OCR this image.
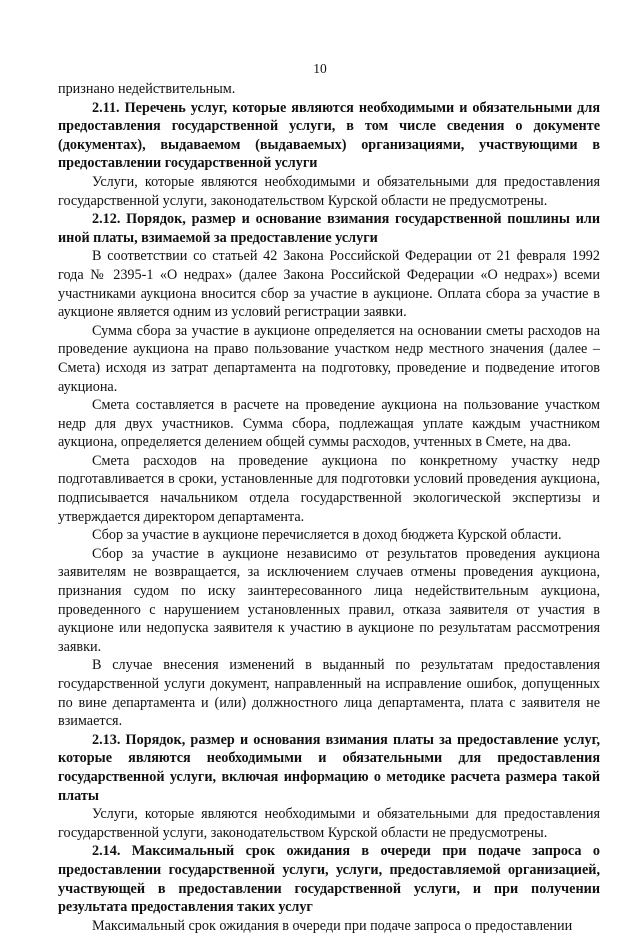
10

признано недействительным.

2.11. Перечень услуг, которые являются необходимыми и обязательными для предоставления государственной услуги, в том числе сведения о документе (документах), выдаваемом (выдаваемых) организациями, участвующими в предоставлении государственной услуги

Услуги, которые являются необходимыми и обязательными для предоставления государственной услуги, законодательством Курской области не предусмотрены.

2.12. Порядок, размер и основание взимания государственной пошлины или иной платы, взимаемой за предоставление услуги

В соответствии со статьей 42 Закона Российской Федерации от 21 февраля 1992 года № 2395-1 «О недрах» (далее Закона Российской Федерации «О недрах») всеми участниками аукциона вносится сбор за участие в аукционе. Оплата сбора за участие в аукционе является одним из условий регистрации заявки.

Сумма сбора за участие в аукционе определяется на основании сметы расходов на проведение аукциона на право пользование участком недр местного значения (далее – Смета) исходя из затрат департамента на подготовку, проведение и подведение итогов аукциона.

Смета составляется в расчете на проведение аукциона на пользование участком недр для двух участников. Сумма сбора, подлежащая уплате каждым участником аукциона, определяется делением общей суммы расходов, учтенных в Смете, на два.

Смета расходов на проведение аукциона по конкретному участку недр подготавливается в сроки, установленные для подготовки условий проведения аукциона, подписывается начальником отдела государственной экологической экспертизы и утверждается директором департамента.

Сбор за участие в аукционе перечисляется в доход бюджета Курской области.

Сбор за участие в аукционе независимо от результатов проведения аукциона заявителям не возвращается, за исключением случаев отмены проведения аукциона, признания судом по иску заинтересованного лица недействительным аукциона, проведенного с нарушением установленных правил, отказа заявителя от участия в аукционе или недопуска заявителя к участию в аукционе по результатам рассмотрения заявки.

В случае внесения изменений в выданный по результатам предоставления государственной услуги документ, направленный на исправление ошибок, допущенных по вине департамента и (или) должностного лица департамента, плата с заявителя не взимается.

2.13. Порядок, размер и основания взимания платы за предоставление услуг, которые являются необходимыми и обязательными для предоставления государственной услуги, включая информацию о методике расчета размера такой платы

Услуги, которые являются необходимыми и обязательными для предоставления государственной услуги, законодательством Курской области не предусмотрены.

2.14. Максимальный срок ожидания в очереди при подаче запроса о предоставлении государственной услуги, услуги, предоставляемой организацией, участвующей в предоставлении государственной услуги, и при получении результата предоставления таких услуг

Максимальный срок ожидания в очереди при подаче запроса о предоставлении
